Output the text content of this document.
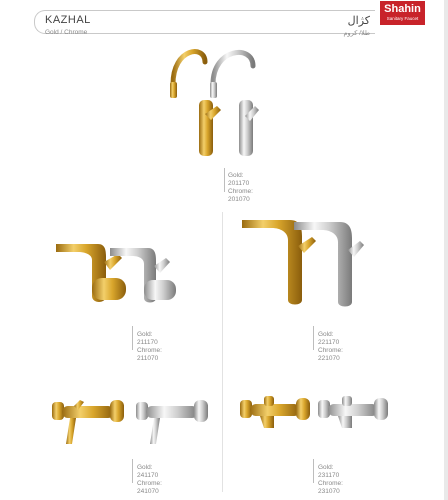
KAZHAL
Gold / Chrome
کژال
طلا/ کروم
Shahin
Sanitary Faucet
Gold: 201170
Chrome: 201070
Gold: 211170
Chrome: 211070
Gold: 221170
Chrome: 221070
Gold: 241170
Chrome: 241070
Gold: 231170
Chrome: 231070
